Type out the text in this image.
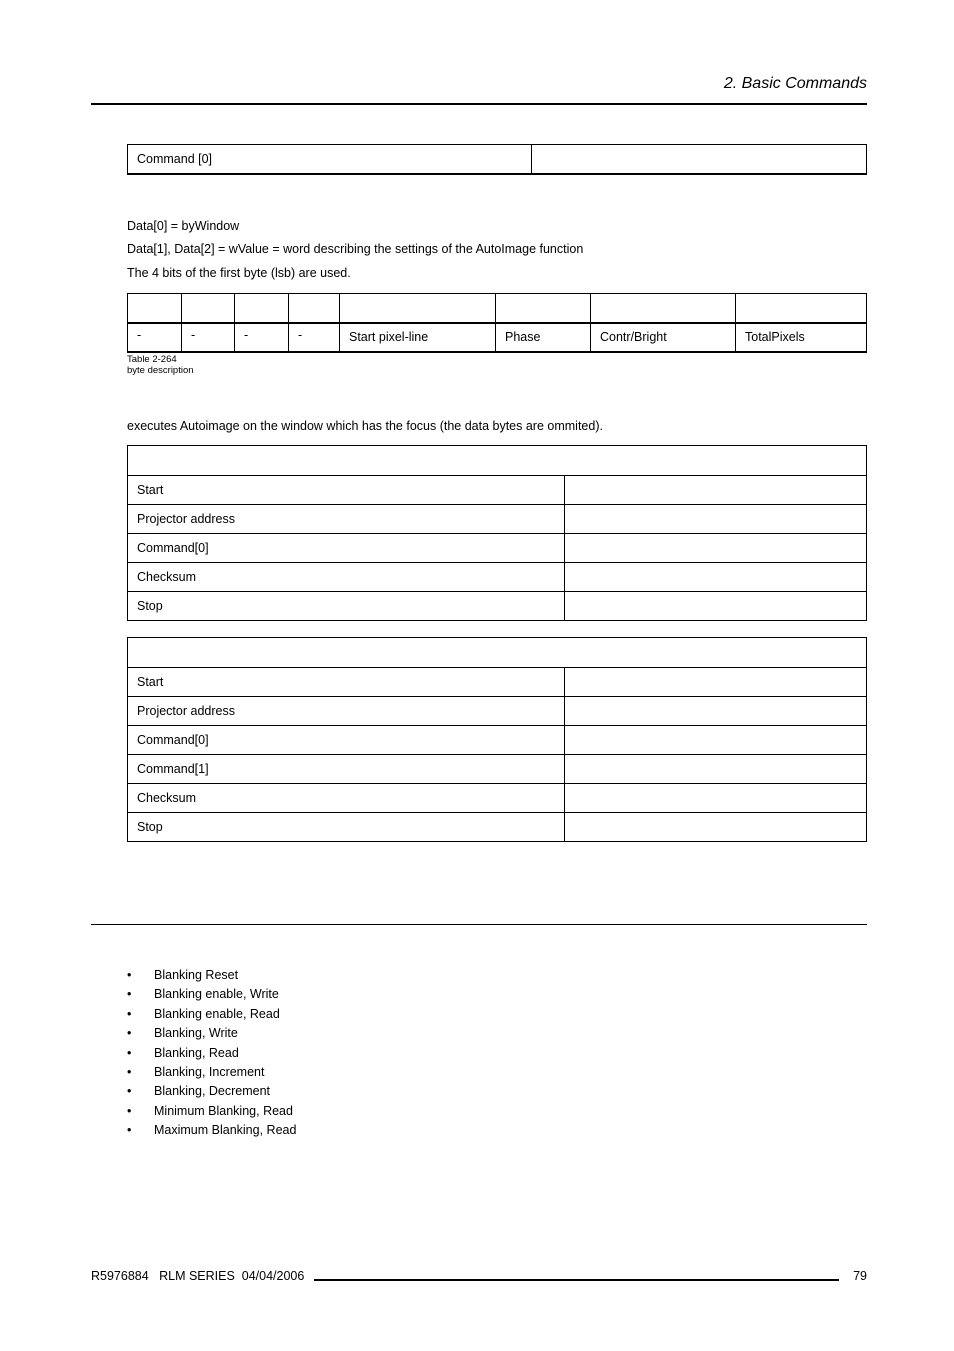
2. Basic Commands
Command [0]	
Data[0] = byWindow
Data[1], Data[2] = wValue = word describing the settings of the AutoImage function
The 4 bits of the first byte (lsb) are used.

-	-	-	-	Start pixel-line	Phase	Contr/Bright	TotalPixels
Table 2-264
byte description
executes Autoimage on the window which has the focus (the data bytes are ommited).

Start	
Projector address	
Command[0]	
Checksum	
Stop	

Start	
Projector address	
Command[0]	
Command[1]	
Checksum	
Stop	
• Blanking Reset
• Blanking enable, Write
• Blanking enable, Read
• Blanking, Write
• Blanking, Read
• Blanking, Increment
• Blanking, Decrement
• Minimum Blanking, Read
• Maximum Blanking, Read
R5976884   RLM SERIES  04/04/2006	79
